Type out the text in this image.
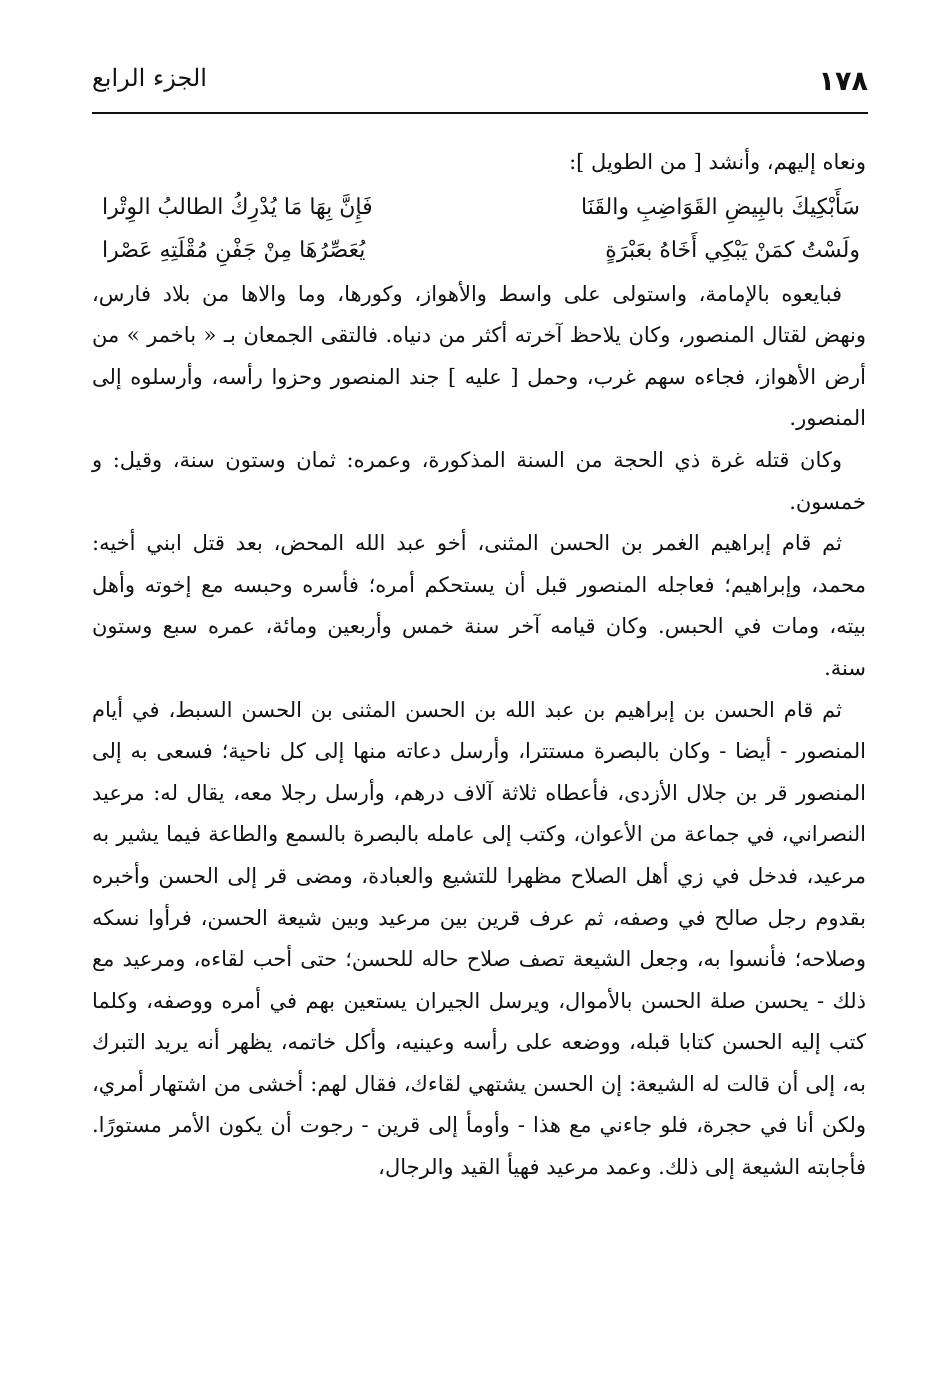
١٧٨
الجزء الرابع

ونعاه إليهم، وأنشد [ من الطويل ]:

سَأَبْكِيكَ بالبِيضِ القَوَاضِبِ والقَنَا
فَإِنَّ بِهَا مَا يُدْرِكُ الطالبُ الوِتْرا
ولَسْتُ كمَنْ يَبْكِي أَخَاهُ بعَبْرَةٍ
يُعَصِّرُهَا مِنْ جَفْنِ مُقْلَتِهِ عَصْرا

فبايعوه بالإمامة، واستولى على واسط والأهواز، وكورها، وما والاها من بلاد فارس، ونهض لقتال المنصور، وكان يلاحظ آخرته أكثر من دنياه. فالتقى الجمعان بـ « باخمر » من أرض الأهواز، فجاءه سهم غرب، وحمل [ عليه ] جند المنصور وحزوا رأسه، وأرسلوه إلى المنصور.

وكان قتله غرة ذي الحجة من السنة المذكورة، وعمره: ثمان وستون سنة، وقيل: و خمسون.

ثم قام إبراهيم الغمر بن الحسن المثنى، أخو عبد الله المحض، بعد قتل ابني أخيه: محمد، وإبراهيم؛ فعاجله المنصور قبل أن يستحكم أمره؛ فأسره وحبسه مع إخوته وأهل بيته، ومات في الحبس. وكان قيامه آخر سنة خمس وأربعين ومائة، عمره سبع وستون سنة.

ثم قام الحسن بن إبراهيم بن عبد الله بن الحسن المثنى بن الحسن السبط، في أيام المنصور - أيضا - وكان بالبصرة مستترا، وأرسل دعاته منها إلى كل ناحية؛ فسعى به إلى المنصور قر بن جلال الأزدى، فأعطاه ثلاثة آلاف درهم، وأرسل رجلا معه، يقال له: مرعيد النصراني، في جماعة من الأعوان، وكتب إلى عامله بالبصرة بالسمع والطاعة فيما يشير به مرعيد، فدخل في زي أهل الصلاح مظهرا للتشيع والعبادة، ومضى قر إلى الحسن وأخبره بقدوم رجل صالح في وصفه، ثم عرف قرين بين مرعيد وبين شيعة الحسن، فرأوا نسكه وصلاحه؛ فأنسوا به، وجعل الشيعة تصف صلاح حاله للحسن؛ حتى أحب لقاءه، ومرعيد مع ذلك - يحسن صلة الحسن بالأموال، ويرسل الجيران يستعين بهم في أمره ووصفه، وكلما كتب إليه الحسن كتابا قبله، ووضعه على رأسه وعينيه، وأكل خاتمه، يظهر أنه يريد التبرك به، إلى أن قالت له الشيعة: إن الحسن يشتهي لقاءك، فقال لهم: أخشى من اشتهار أمري، ولكن أنا في حجرة، فلو جاءني مع هذا - وأومأ إلى قرين - رجوت أن يكون الأمر مستورًا. فأجابته الشيعة إلى ذلك. وعمد مرعيد فهيأ القيد والرجال،
